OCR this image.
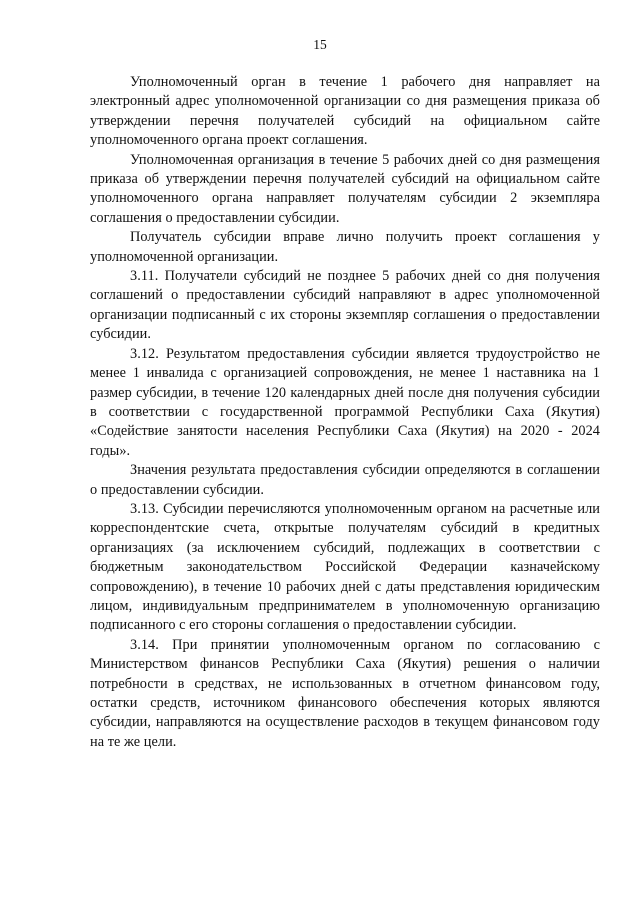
15

Уполномоченный орган в течение 1 рабочего дня направляет на электронный адрес уполномоченной организации со дня размещения приказа об утверждении перечня получателей субсидий на официальном сайте уполномоченного органа проект соглашения.

Уполномоченная организация в течение 5 рабочих дней со дня размещения приказа об утверждении перечня получателей субсидий на официальном сайте уполномоченного органа направляет получателям субсидии 2 экземпляра соглашения о предоставлении субсидии.

Получатель субсидии вправе лично получить проект соглашения у уполномоченной организации.

3.11. Получатели субсидий не позднее 5 рабочих дней со дня получения соглашений о предоставлении субсидий направляют в адрес уполномоченной организации подписанный с их стороны экземпляр соглашения о предоставлении субсидии.

3.12. Результатом предоставления субсидии является трудоустройство не менее 1 инвалида с организацией сопровождения, не менее 1 наставника на 1 размер субсидии, в течение 120 календарных дней после дня получения субсидии в соответствии с государственной программой Республики Саха (Якутия) «Содействие занятости населения Республики Саха (Якутия) на 2020 - 2024 годы».

Значения результата предоставления субсидии определяются в соглашении о предоставлении субсидии.

3.13. Субсидии перечисляются уполномоченным органом на расчетные или корреспондентские счета, открытые получателям субсидий в кредитных организациях (за исключением субсидий, подлежащих в соответствии с бюджетным законодательством Российской Федерации казначейскому сопровождению), в течение 10 рабочих дней с даты представления юридическим лицом, индивидуальным предпринимателем в уполномоченную организацию подписанного с его стороны соглашения о предоставлении субсидии.

3.14. При принятии уполномоченным органом по согласованию с Министерством финансов Республики Саха (Якутия) решения о наличии потребности в средствах, не использованных в отчетном финансовом году, остатки средств, источником финансового обеспечения которых являются субсидии, направляются на осуществление расходов в текущем финансовом году на те же цели.
